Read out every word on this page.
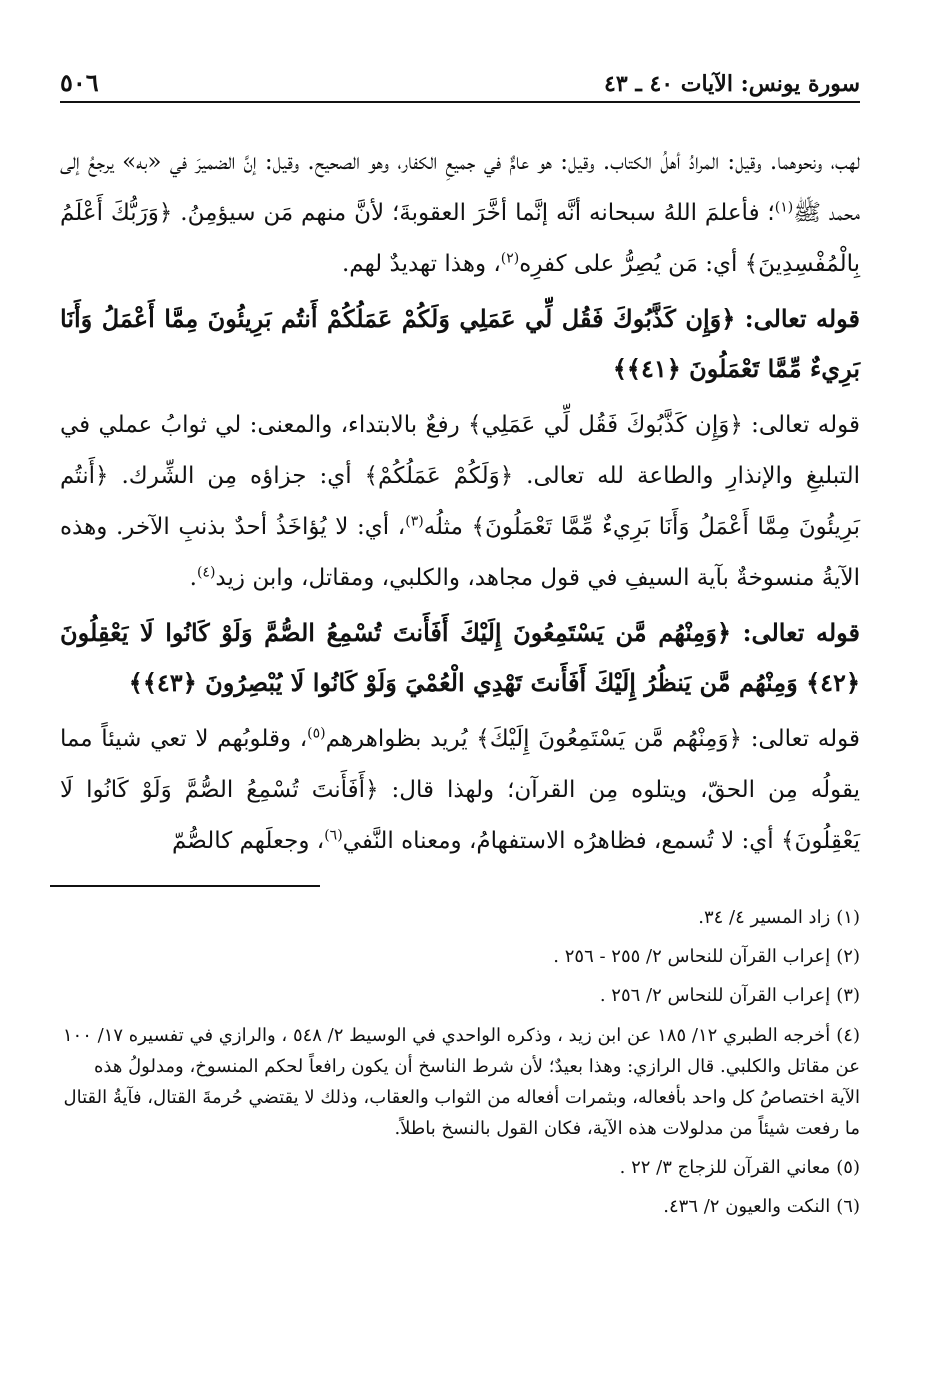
سورة يونس: الآيات ٤٠ ـ ٤٣
٥٠٦

لهب، ونحوهما. وقيل: المرادُ أهلُ الكتاب. وقيل: هو عامٌّ في جميعِ الكفار، وهو الصحيح. وقيل: إنَّ الضميرَ في «به» يرجعُ إلى محمد ﷺ$^{(١)}$؛ فأعلمَ اللهُ سبحانه أنَّه إنَّما أخَّرَ العقوبةَ؛ لأنَّ منهم مَن سيؤمِنُ. ﴿وَرَبُّكَ أَعْلَمُ بِالْمُفْسِدِينَ﴾ أي: مَن يُصِرُّ على كفرِه$^{(٢)}$، وهذا تهديدٌ لهم.

قوله تعالى: ﴿وَإِن كَذَّبُوكَ فَقُل لِّي عَمَلِي وَلَكُمْ عَمَلُكُمْ أَنتُم بَرِيئُونَ مِمَّا أَعْمَلُ وَأَنَا بَرِيءٌ مِّمَّا تَعْمَلُونَ ﴿٤١﴾﴾

قوله تعالى: ﴿وَإِن كَذَّبُوكَ فَقُل لِّي عَمَلِي﴾ رفعٌ بالابتداء، والمعنى: لي ثوابُ عملي في التبليغِ والإنذارِ والطاعة لله تعالى. ﴿وَلَكُمْ عَمَلُكُمْ﴾ أي: جزاؤه مِن الشِّرك. ﴿أَنتُم بَرِيئُونَ مِمَّا أَعْمَلُ وَأَنَا بَرِيءٌ مِّمَّا تَعْمَلُونَ﴾ مثلُه$^{(٣)}$، أي: لا يُؤاخَذُ أحدٌ بذنبِ الآخر. وهذه الآيةُ منسوخةٌ بآية السيفِ في قول مجاهد، والكلبي، ومقاتل، وابن زيد$^{(٤)}$.

قوله تعالى: ﴿وَمِنْهُم مَّن يَسْتَمِعُونَ إِلَيْكَ أَفَأَنتَ تُسْمِعُ الصُّمَّ وَلَوْ كَانُوا لَا يَعْقِلُونَ ﴿٤٢﴾ وَمِنْهُم مَّن يَنظُرُ إِلَيْكَ أَفَأَنتَ تَهْدِي الْعُمْيَ وَلَوْ كَانُوا لَا يُبْصِرُونَ ﴿٤٣﴾﴾

قوله تعالى: ﴿وَمِنْهُم مَّن يَسْتَمِعُونَ إِلَيْكَ﴾ يُريد بظواهرهم$^{(٥)}$، وقلوبُهم لا تعي شيئاً مما يقولُه مِن الحقّ، ويتلوه مِن القرآن؛ ولهذا قال: ﴿أَفَأَنتَ تُسْمِعُ الصُّمَّ وَلَوْ كَانُوا لَا يَعْقِلُونَ﴾ أي: لا تُسمع، فظاهرُه الاستفهامُ، ومعناه النَّفي$^{(٦)}$، وجعلَهم كالصُّمّ

(١)زاد المسير ٤/ ٣٤.

(٢)إعراب القرآن للنحاس ٢/ ٢٥٥ - ٢٥٦ .

(٣)إعراب القرآن للنحاس ٢/ ٢٥٦ .

(٤)أخرجه الطبري ١٢/ ١٨٥ عن ابن زيد ، وذكره الواحدي في الوسيط ٢/ ٥٤٨ ، والرازي في تفسيره ١٧/ ١٠٠ عن مقاتل والكلبي. قال الرازي: وهذا بعيدٌ؛ لأن شرط الناسخ أن يكون رافعاً لحكم المنسوخ، ومدلولُ هذه الآية اختصاصُ كل واحد بأفعاله، وبثمرات أفعاله من الثواب والعقاب، وذلك لا يقتضي حُرمةَ القتال، فآيةُ القتال ما رفعت شيئاً من مدلولات هذه الآية، فكان القول بالنسخ باطلاً.

(٥)معاني القرآن للزجاج ٣/ ٢٢ .

(٦)النكت والعيون ٢/ ٤٣٦.
